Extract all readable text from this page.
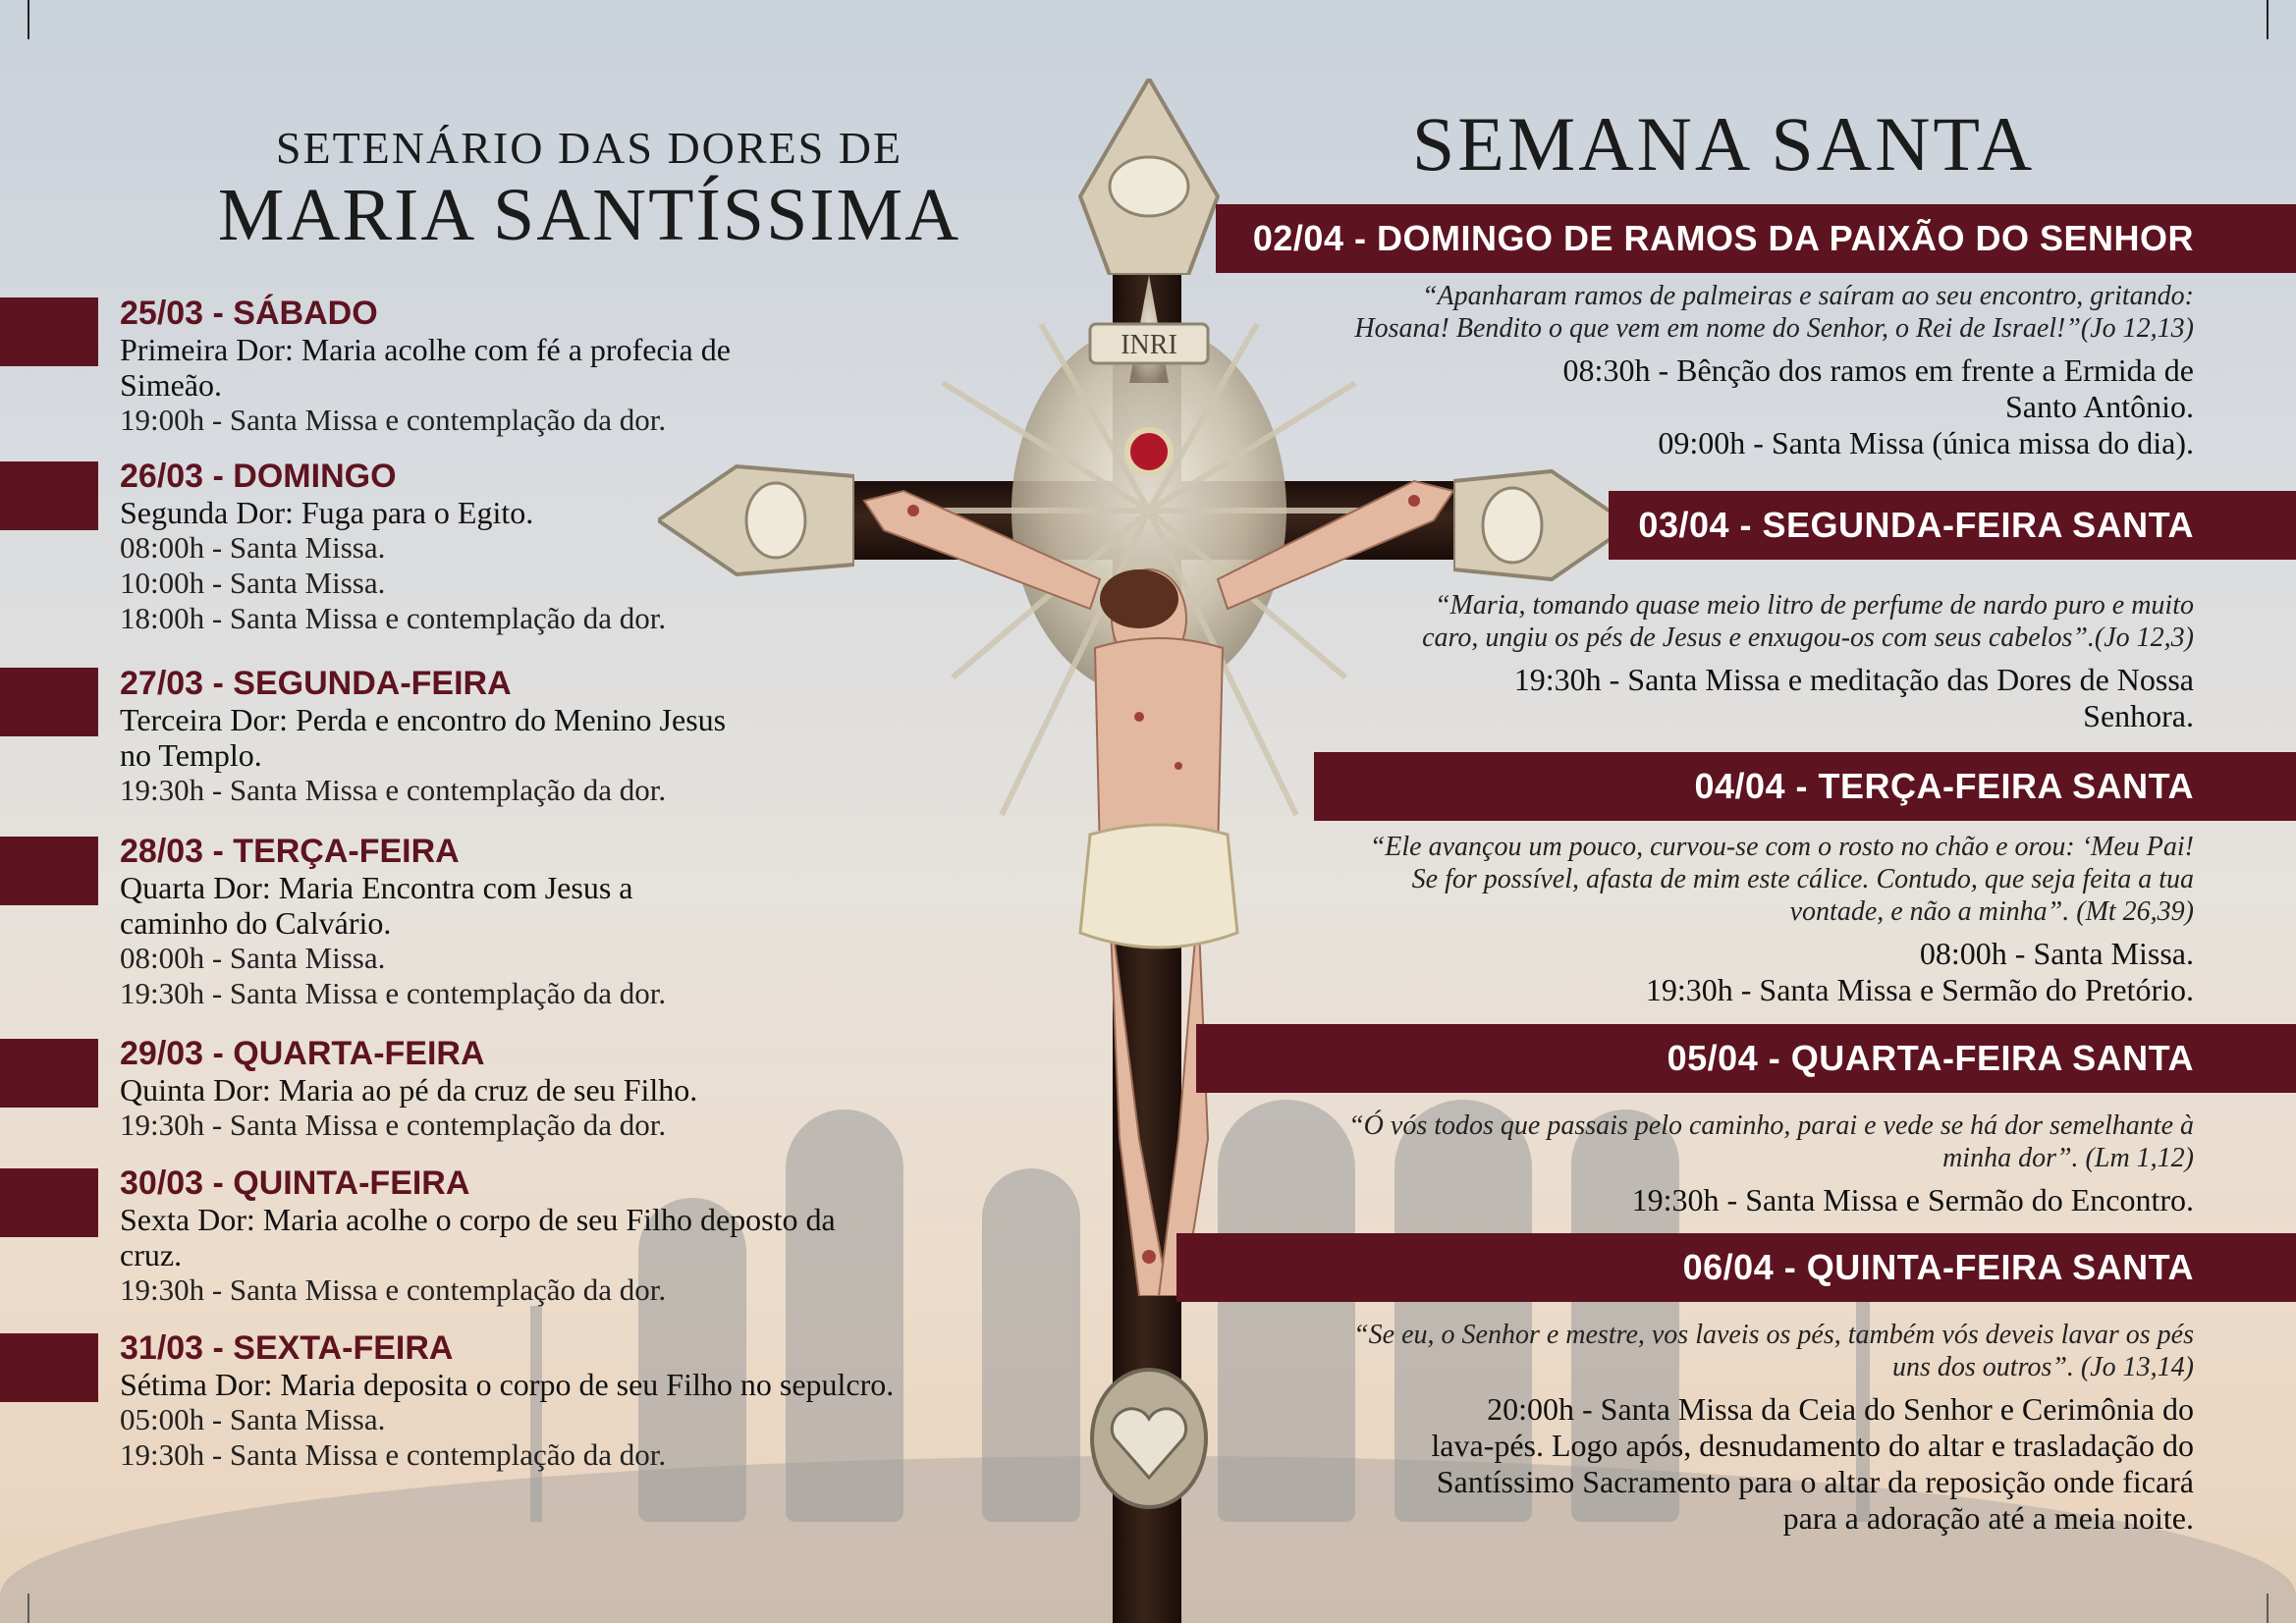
INRI
SETENÁRIO DAS DORES DE
MARIA SANTÍSSIMA
25/03 - SÁBADO
Primeira Dor: Maria acolhe com fé a profecia de
Simeão.
19:00h - Santa Missa e contemplação da dor.
26/03 - DOMINGO
Segunda Dor: Fuga para o Egito.
08:00h - Santa Missa.
10:00h - Santa Missa.
18:00h - Santa Missa e contemplação da dor.
27/03 - SEGUNDA-FEIRA
Terceira Dor: Perda e encontro do Menino Jesus
no Templo.
19:30h - Santa Missa e contemplação da dor.
28/03 - TERÇA-FEIRA
Quarta Dor: Maria Encontra com Jesus a
caminho do Calvário.
08:00h - Santa Missa.
19:30h - Santa Missa e contemplação da dor.
29/03 - QUARTA-FEIRA
Quinta Dor: Maria ao pé da cruz de seu Filho.
19:30h - Santa Missa e contemplação da dor.
30/03 - QUINTA-FEIRA
Sexta Dor: Maria acolhe o corpo de seu Filho deposto da
cruz.
19:30h - Santa Missa e contemplação da dor.
31/03 - SEXTA-FEIRA
Sétima Dor: Maria deposita o corpo de seu Filho no sepulcro.
05:00h - Santa Missa.
19:30h - Santa Missa e contemplação da dor.
SEMANA SANTA
02/04 - DOMINGO DE RAMOS DA PAIXÃO DO SENHOR
“Apanharam ramos de palmeiras e saíram ao seu encontro, gritando:
Hosana! Bendito o que vem em nome do Senhor, o Rei de Israel!”(Jo 12,13)
08:30h - Bênção dos ramos em frente a Ermida de
Santo Antônio.
09:00h - Santa Missa (única missa do dia).
03/04 - SEGUNDA-FEIRA SANTA
“Maria, tomando quase meio litro de perfume de nardo puro e muito
caro, ungiu os pés de Jesus e enxugou-os com seus cabelos”.(Jo 12,3)
19:30h - Santa Missa e meditação das Dores de Nossa
Senhora.
04/04 - TERÇA-FEIRA SANTA
“Ele avançou um pouco, curvou-se com o rosto no chão e orou: ‘Meu Pai!
Se for possível, afasta de mim este cálice. Contudo, que seja feita a tua
vontade, e não a minha”. (Mt 26,39)
08:00h - Santa Missa.
19:30h - Santa Missa e Sermão do Pretório.
05/04 - QUARTA-FEIRA SANTA
“Ó vós todos que passais pelo caminho, parai e vede se há dor semelhante à
minha dor”. (Lm 1,12)
19:30h - Santa Missa e Sermão do Encontro.
06/04 - QUINTA-FEIRA SANTA
“Se eu, o Senhor e mestre, vos laveis os pés, também vós deveis lavar os pés
uns dos outros”. (Jo 13,14)
20:00h - Santa Missa da Ceia do Senhor e Cerimônia do
lava-pés. Logo após, desnudamento do altar e trasladação do
Santíssimo Sacramento para o altar da reposição onde ficará
para a adoração até a meia noite.
